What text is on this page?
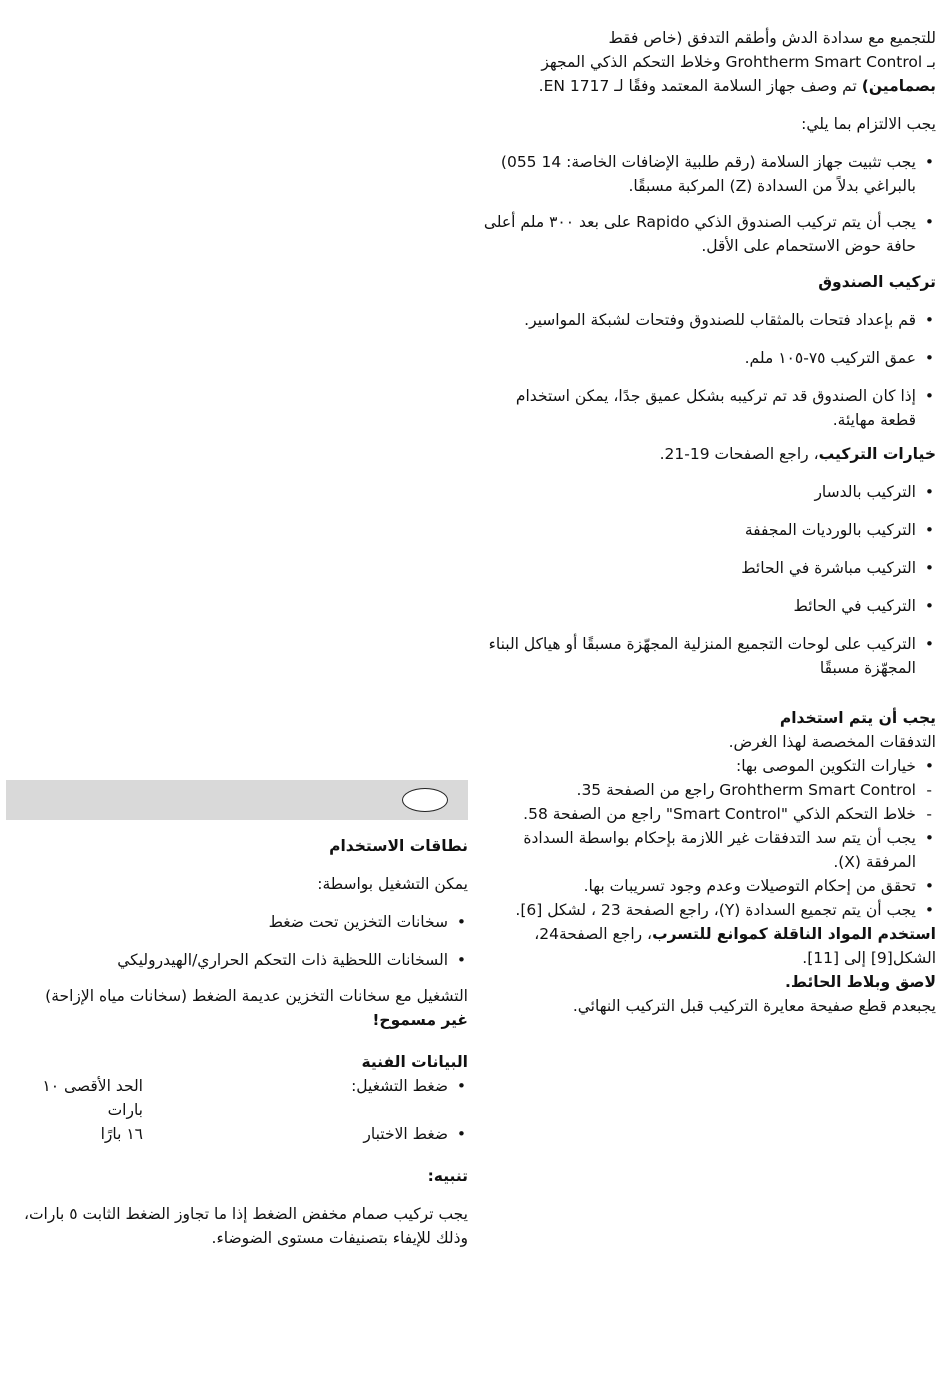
للتجميع مع سدادة الدش وأطقم التدفق (خاص فقط

بـ Grohtherm Smart Control وخلاط التحكم الذكي المجهز

بصمامين) تم وصف جهاز السلامة المعتمد وفقًا لـ EN 1717.

يجب الالتزام بما يلي:

• يجب تثبيت جهاز السلامة (رقم طلبية الإضافات الخاصة: 14 055) بالبراغي بدلاً من السدادة (Z) المركبة مسبقًا.
• يجب أن يتم تركيب الصندوق الذكي Rapido على بعد ٣٠٠ ملم أعلى حافة حوض الاستحمام على الأقل.

تركيب الصندوق

• قم بإعداد فتحات بالمثقاب للصندوق وفتحات لشبكة المواسير.
• عمق التركيب ٧٥-١٠٥ ملم.
• إذا كان الصندوق قد تم تركيبه بشكل عميق جدًا، يمكن استخدام قطعة مهايئة.

خيارات التركيب، راجع الصفحات 19-21.

• التركيب بالدسار
• التركيب بالورديات المجففة
• التركيب مباشرة في الحائط
• التركيب في الحائط
• التركيب على لوحات التجميع المنزلية المجهّزة مسبقًا أو هياكل البناء المجهّزة مسبقًا

يجب أن يتم استخدام

التدفقات المخصصة لهذا الغرض.

• خيارات التكوين الموصى بها:
- Grohtherm Smart Control راجع من الصفحة 35.
- خلاط التحكم الذكي "Smart Control" راجع من الصفحة 58.
• يجب أن يتم سد التدفقات غير اللازمة بإحكام بواسطة السدادة المرفقة (X).
• تحقق من إحكام التوصيلات وعدم وجود تسريبات بها.
• يجب أن يتم تجميع السدادة (Y)، راجع الصفحة 23 ، لشكل [6].

استخدم المواد الناقلة كموانع للتسرب، راجع الصفحة24، الشكل[9] إلى [11].

لاصق وبلاط الحائط.

يجبعدم قطع صفيحة معايرة التركيب قبل التركيب النهائي.

نطاقات الاستخدام

يمكن التشغيل بواسطة:

• سخانات التخزين تحت ضغط
• السخانات اللحظية ذات التحكم الحراري/الهيدروليكي

التشغيل مع سخانات التخزين عديمة الضغط (سخانات مياه الإزاحة)

غير مسموح!

البيانات الفنية

• ضغط التشغيل:
الحد الأقصى ١٠ بارات
• ضغط الاختبار
١٦ بارًا

تنبيه:

يجب تركيب صمام مخفض الضغط إذا ما تجاوز الضغط الثابت ٥ بارات، وذلك للإيفاء بتصنيفات مستوى الضوضاء.
